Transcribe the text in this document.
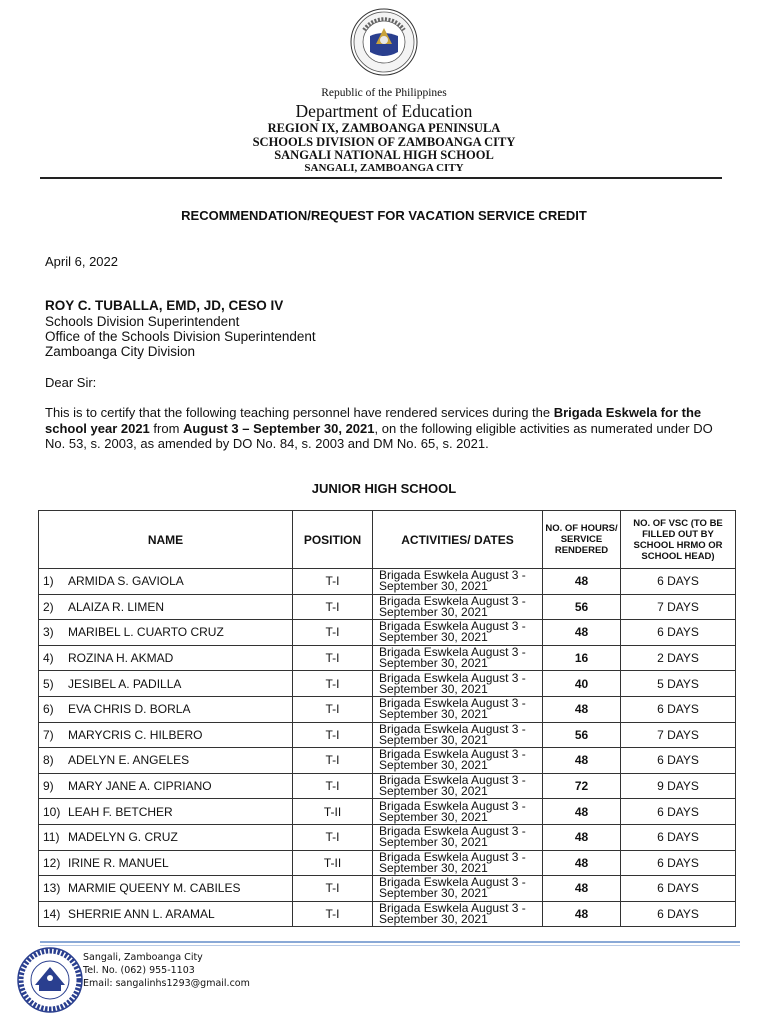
Republic of the Philippines
Department of Education
REGION IX, ZAMBOANGA PENINSULA
SCHOOLS DIVISION OF ZAMBOANGA CITY
SANGALI NATIONAL HIGH SCHOOL
SANGALI, ZAMBOANGA CITY
RECOMMENDATION/REQUEST FOR VACATION SERVICE CREDIT
April 6, 2022
ROY C. TUBALLA, EMD, JD, CESO IV
Schools Division Superintendent
Office of the Schools Division Superintendent
Zamboanga City Division
Dear Sir:
This is to certify that the following teaching personnel have rendered services during the Brigada Eskwela for the school year 2021 from August 3 – September 30, 2021, on the following eligible activities as numerated under DO No. 53, s. 2003, as amended by DO No. 84, s. 2003 and DM No. 65, s. 2021.
JUNIOR HIGH SCHOOL
NAME	POSITION	ACTIVITIES/ DATES	NO. OF HOURS/ SERVICE RENDERED	NO. OF VSC (TO BE FILLED OUT BY SCHOOL HRMO OR SCHOOL HEAD)
1) ARMIDA S. GAVIOLA	T-I	Brigada Eswkela August 3 -
September 30, 2021	48	6 DAYS
2) ALAIZA R. LIMEN	T-I	Brigada Eswkela August 3 -
September 30, 2021	56	7 DAYS
3) MARIBEL L. CUARTO CRUZ	T-I	Brigada Eswkela August 3 -
September 30, 2021	48	6 DAYS
4) ROZINA H. AKMAD	T-I	Brigada Eswkela August 3 -
September 30, 2021	16	2 DAYS
5) JESIBEL A. PADILLA	T-I	Brigada Eswkela August 3 -
September 30, 2021	40	5 DAYS
6) EVA CHRIS D. BORLA	T-I	Brigada Eswkela August 3 -
September 30, 2021	48	6 DAYS
7) MARYCRIS C. HILBERO	T-I	Brigada Eswkela August 3 -
September 30, 2021	56	7 DAYS
8) ADELYN E. ANGELES	T-I	Brigada Eswkela August 3 -
September 30, 2021	48	6 DAYS
9) MARY JANE A. CIPRIANO	T-I	Brigada Eswkela August 3 -
September 30, 2021	72	9 DAYS
10) LEAH F. BETCHER	T-II	Brigada Eswkela August 3 -
September 30, 2021	48	6 DAYS
11) MADELYN G. CRUZ	T-I	Brigada Eswkela August 3 -
September 30, 2021	48	6 DAYS
12) IRINE R. MANUEL	T-II	Brigada Eswkela August 3 -
September 30, 2021	48	6 DAYS
13) MARMIE QUEENY M. CABILES	T-I	Brigada Eswkela August 3 -
September 30, 2021	48	6 DAYS
14) SHERRIE ANN L. ARAMAL	T-I	Brigada Eswkela August 3 -
September 30, 2021	48	6 DAYS
Sangali, Zamboanga City
Tel. No. (062) 955-1103
Email: sangalinhs1293@gmail.com
